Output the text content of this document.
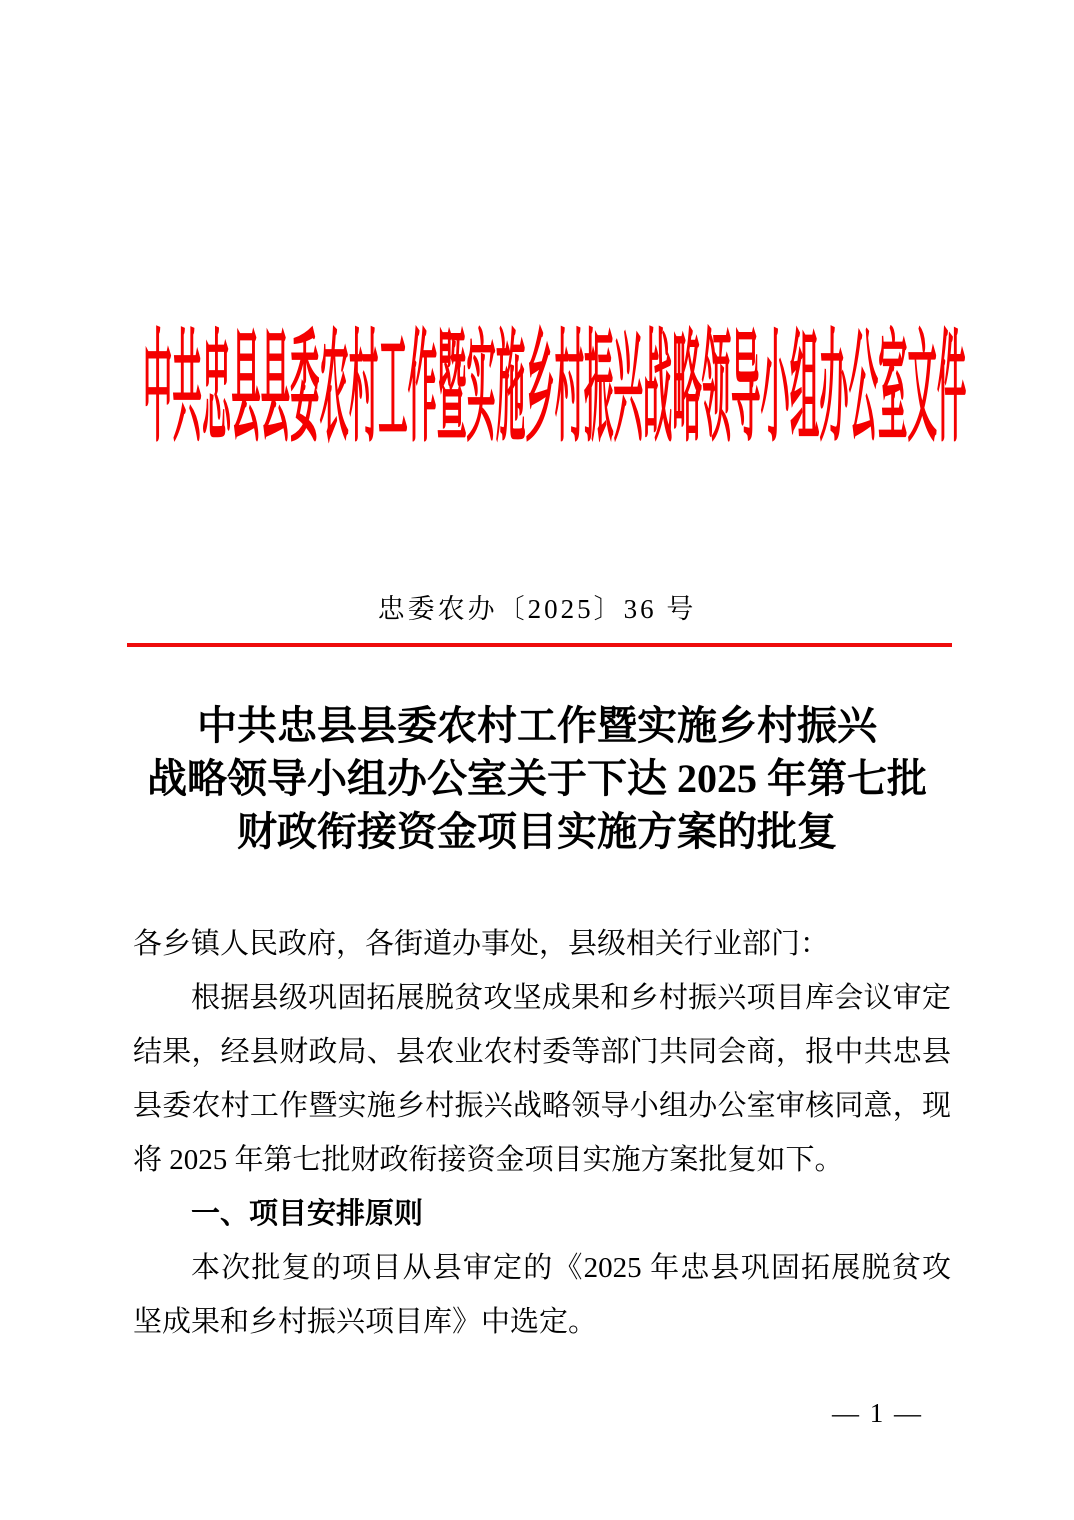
中共忠县县委农村工作暨实施乡村振兴战略领导小组办公室文件
忠委农办〔2025〕36 号
中共忠县县委农村工作暨实施乡村振兴
战略领导小组办公室关于下达 2025 年第七批
财政衔接资金项目实施方案的批复

各乡镇人民政府，各街道办事处，县级相关行业部门：

根据县级巩固拓展脱贫攻坚成果和乡村振兴项目库会议审定结果，经县财政局、县农业农村委等部门共同会商，报中共忠县县委农村工作暨实施乡村振兴战略领导小组办公室审核同意，现将 2025 年第七批财政衔接资金项目实施方案批复如下。

一、项目安排原则

本次批复的项目从县审定的《2025 年忠县巩固拓展脱贫攻坚成果和乡村振兴项目库》中选定。

— 1 —
